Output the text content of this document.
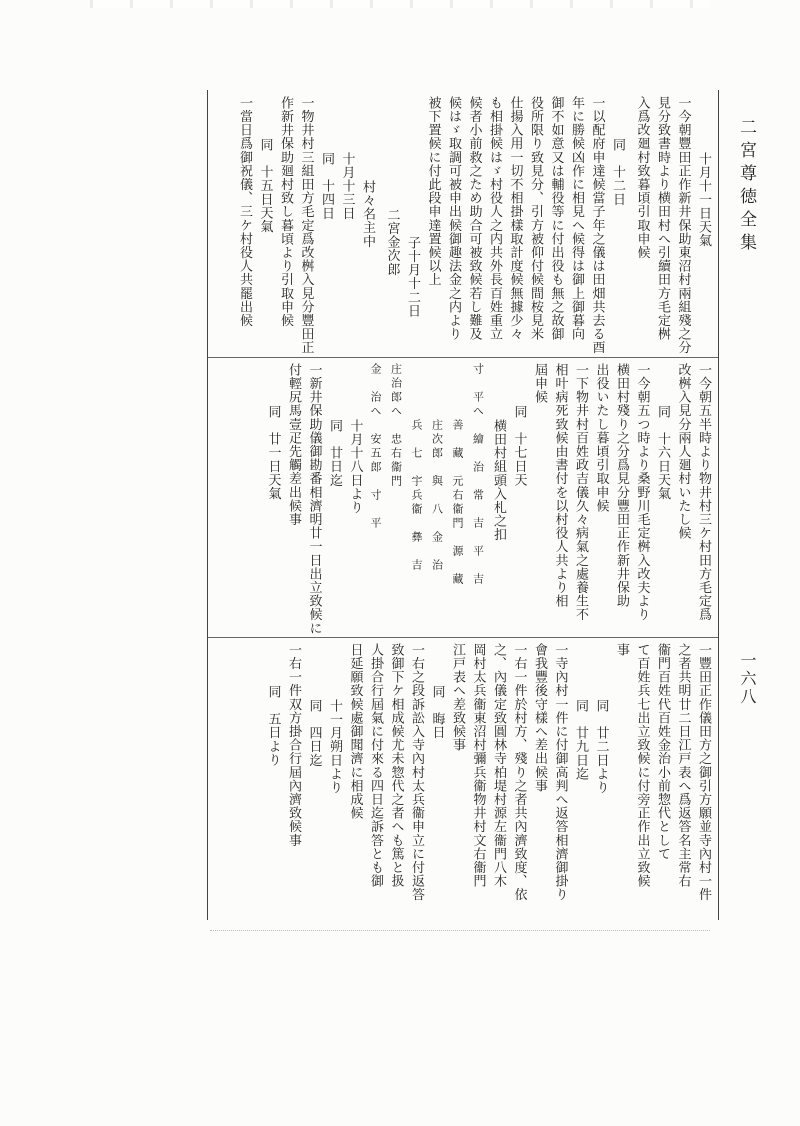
二宮尊徳全集
一六八
十月十一日天氣
一今朝豐田正作新井保助東沼村兩組殘之分
見分致書時より横田村へ引續田方毛定桝
入爲改廻村致暮頃引取申候
同　十二日
一以配府申達候當子年之儀は田畑共去る酉
年に勝候凶作に相見へ候得は御上御暮向
御不如意又は輔役等に付出役も無之故御
役所限り致見分、引方被仰付候間桉見米
仕揚入用一切不相掛樣取計度候無據少々
も相掛候はゞ村役人之内共外長百姓重立
候者小前救之ため助合可被致候若し難及
候はゞ取調可被申出候御趣法金之内より
被下置候に付此段申達置候以上
子十月十二日
二宮金次郎
村々名主中
十月十三日
同　十四日
一物井村三組田方毛定爲改桝入見分豐田正
作新井保助廻村致し暮頃より引取申候
同　十五日天氣
一當日爲御祝儀、三ケ村役人共罷出候
一今朝五半時より物井村三ケ村田方毛定爲
改桝入見分兩人廻村いたし候
同　十六日天氣
一今朝五つ時より桑野川毛定桝入改夫より
横田村殘り之分爲見分豐田正作新井保助
出役いたし暮頃引取申候
一下物井村百姓政吉儀久々病氣之處養生不
相叶病死致候由書付を以村役人共より相
屆申候
同　十七日天
横田村組頭入札之扣
寸　平へ　繪　治　常　吉　平　吉
善　藏　元右衞門　源　藏
庄次郎　與　八　金　治
兵　七　宇兵衞　彝　吉
庄治郎へ　忠右衞門
金　治へ　安五郎　寸　平
十月十八日より
同　廿日迄
一新井保助儀御勘番相濟明廿一日出立致候に
付輕尻馬壹疋先觸差出候事
同　廿一日天氣
一豐田正作儀田方之御引方願並寺內村一件
之者共明廿二日江戸表へ爲返答名主常右
衞門百姓代百姓金治小前惣代として
て百姓兵七出立致候に付旁正作出立致候
事
同　廿二日より
同　廿九日迄
一寺內村一件に付御高判へ返答相濟御掛り
會我豐後守樣へ差出候事
一右一件於村方、殘り之者共內濟致度、依
之、內儀定致圓林寺柏堤村源左衞門八木
岡村太兵衞東沼村彌兵衞物井村文右衞門
江戸表へ差致候事
同　晦日
一右之段訴訟入寺內村太兵衞申立に付返答
致御下ケ相成候尤未惣代之者へも篤と扱
人掛合行屆氣に付來る四日迄訴答とも御
日延願致候處御聞濟に相成候
十一月朔日より
同　四日迄
一右一件双方掛合行屆內濟致候事
同　五日より
